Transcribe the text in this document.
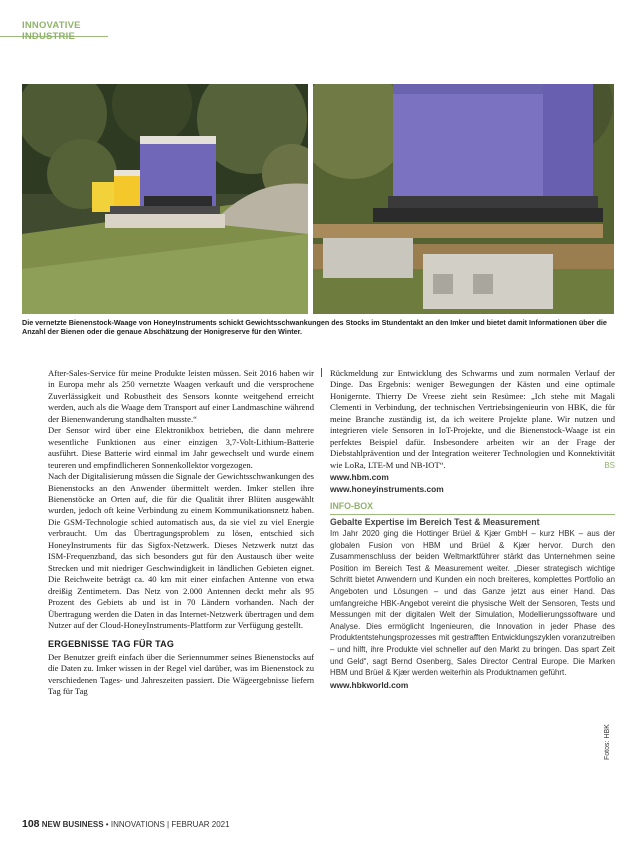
INNOVATIVE INDUSTRIE
Die vernetzte Bienenstock-Waage von HoneyInstruments schickt Gewichtsschwankungen des Stocks im Stundentakt an den Imker und bietet damit Informationen über die Anzahl der Bienen oder die genaue Abschätzung der Honigreserve für den Winter.

After-Sales-Service für meine Produkte leisten müssen. Seit 2016 haben wir in Europa mehr als 250 vernetzte Waagen verkauft und die versprochene Zuverlässigkeit und Robustheit des Sensors konnte weitgehend erreicht werden, auch als die Waage dem Transport auf einer Landmaschine während der Bienenwanderung standhalten musste.“

Der Sensor wird über eine Elektronikbox betrieben, die dann mehrere wesentliche Funktionen aus einer einzigen 3,7-Volt-Lithium-Batterie ausführt. Diese Batterie wird einmal im Jahr gewechselt und wurde einem teureren und empfindlicheren Sonnenkollektor vorgezogen.

Nach der Digitalisierung müssen die Signale der Gewichtsschwankungen des Bienenstocks an den Anwender übermittelt werden. Imker stellen ihre Bienenstöcke an Orten auf, die für die Qualität ihrer Blüten ausgewählt wurden, jedoch oft keine Verbindung zu einem Kommunikationsnetz haben. Die GSM-Technologie schied automatisch aus, da sie viel zu viel Energie verbraucht. Um das Übertragungsproblem zu lösen, entschied sich HoneyInstruments für das Sigfox-Netzwerk. Dieses Netzwerk nutzt das ISM-Frequenzband, das sich besonders gut für den Austausch über weite Strecken und mit niedriger Geschwindigkeit in ländlichen Gebieten eignet. Die Reichweite beträgt ca. 40 km mit einer einfachen Antenne von etwa dreißig Zentimetern. Das Netz von 2.000 Antennen deckt mehr als 95 Prozent des Gebiets ab und ist in 70 Ländern vorhanden. Nach der Übertragung werden die Daten in das Internet-Netzwerk übertragen und dem Nutzer auf der Cloud-HoneyInstruments-Plattform zur Verfügung gestellt.

ERGEBNISSE TAG FÜR TAG

Der Benutzer greift einfach über die Seriennummer seines Bienenstocks auf die Daten zu. Imker wissen in der Regel viel darüber, was im Bienenstock zu verschiedenen Tages- und Jahreszeiten passiert. Die Wägeergebnisse liefern Tag für Tag

Rückmeldung zur Entwicklung des Schwarms und zum normalen Verlauf der Dinge. Das Ergebnis: weniger Bewegungen der Kästen und eine optimale Honigernte. Thierry De Vreese zieht sein Resümee: „Ich stehe mit Magali Clementi in Verbindung, der technischen Vertriebsingenieurin von HBK, die für meine Branche zuständig ist, da ich weitere Projekte plane. Wir nutzen und integrieren viele Sensoren in IoT-Projekte, und die Bienenstock-Waage ist ein perfektes Beispiel dafür. Insbesondere arbeiten wir an der Frage der Diebstahlprävention und der Integration weiterer Technologien und Konnektivität wie LoRa, LTE-M und NB-IOT“.	BS

www.hbm.com
www.honeyinstruments.com
INFO-BOX
Gebalte Expertise im Bereich Test & Measurement
Im Jahr 2020 ging die Hottinger Brüel & Kjær GmbH – kurz HBK – aus der globalen Fusion von HBM und Brüel & Kjær hervor. Durch den Zusammenschluss der beiden Weltmarktführer stärkt das Unternehmen seine Position im Bereich Test & Measurement weiter. „Dieser strategisch wichtige Schritt bietet Anwendern und Kunden ein noch breiteres, komplettes Portfolio an Angeboten und Lösungen – und das Ganze jetzt aus einer Hand. Das umfangreiche HBK-Angebot vereint die physische Welt der Sensoren, Tests und Messungen mit der digitalen Welt der Simulation, Modellierungssoftware und Analyse. Dies ermöglicht Ingenieuren, die Innovation in jeder Phase des Produktentstehungsprozesses mit gestrafften Entwicklungszyklen voranzutreiben – und hilft, ihre Produkte viel schneller auf den Markt zu bringen. Das spart Zeit und Geld“, sagt Bernd Osenberg, Sales Director Central Europe. Die Marken HBM und Brüel & Kjær werden weiterhin als Produktnamen geführt.
www.hbkworld.com
108 NEW BUSINESS • INNOVATIONS | FEBRUAR 2021
Fotos: HBK
